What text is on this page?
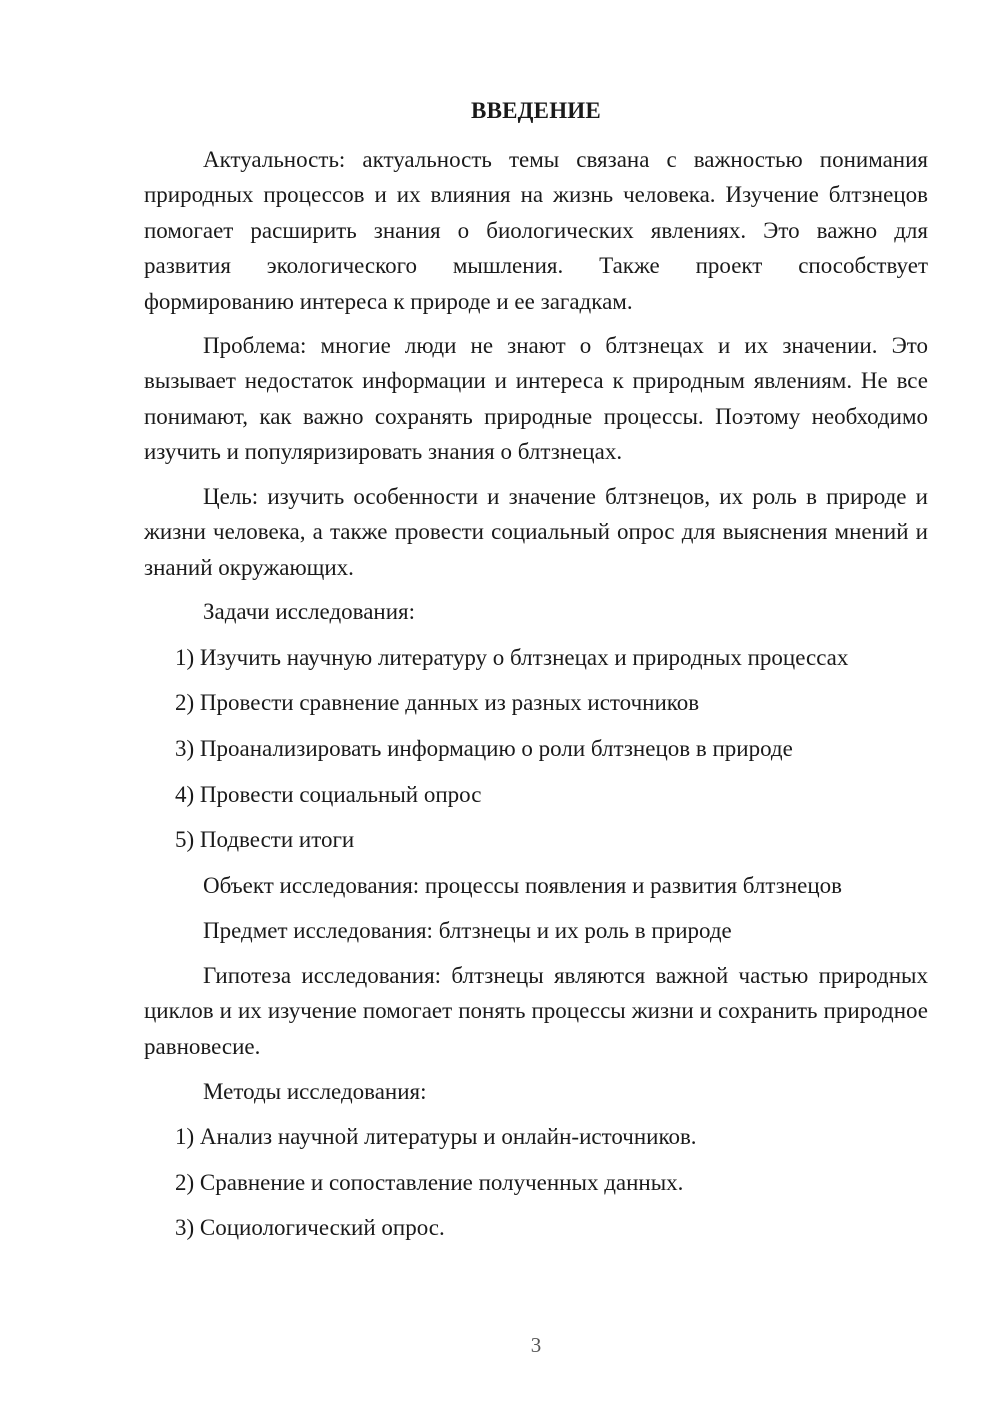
ВВЕДЕНИЕ

Актуальность: актуальность темы связана с важностью понимания природных процессов и их влияния на жизнь человека. Изучение блтзнецов помогает расширить знания о биологических явлениях. Это важно для развития экологического мышления. Также проект способствует формированию интереса к природе и ее загадкам.

Проблема: многие люди не знают о блтзнецах и их значении. Это вызывает недостаток информации и интереса к природным явлениям. Не все понимают, как важно сохранять природные процессы. Поэтому необходимо изучить и популяризировать знания о блтзнецах.

Цель: изучить особенности и значение блтзнецов, их роль в природе и жизни человека, а также провести социальный опрос для выяснения мнений и знаний окружающих.

Задачи исследования:

1) Изучить научную литературу о блтзнецах и природных процессах

2) Провести сравнение данных из разных источников

3) Проанализировать информацию о роли блтзнецов в природе

4) Провести социальный опрос

5) Подвести итоги

Объект исследования: процессы появления и развития блтзнецов

Предмет исследования: блтзнецы и их роль в природе

Гипотеза исследования: блтзнецы являются важной частью природных циклов и их изучение помогает понять процессы жизни и сохранить природное равновесие.

Методы исследования:

1) Анализ научной литературы и онлайн-источников.

2) Сравнение и сопоставление полученных данных.

3) Социологический опрос.

3
